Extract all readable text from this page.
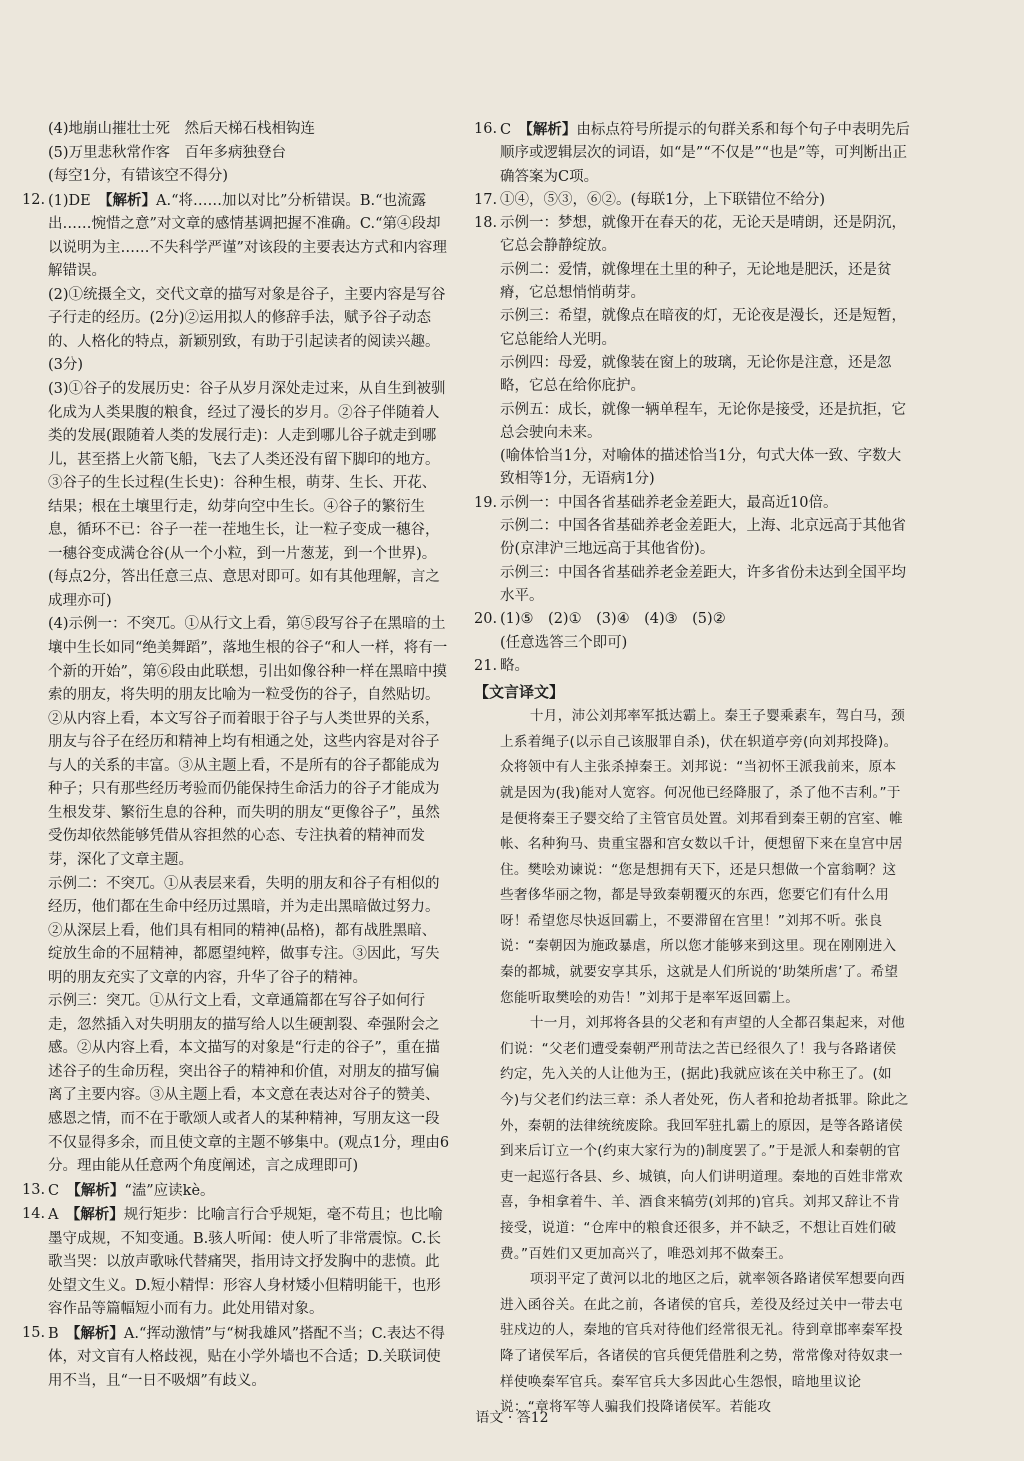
(4)地崩山摧壮士死　然后天梯石栈相钩连

(5)万里悲秋常作客　百年多病独登台

(每空1分，有错该空不得分)

12. (1)DE　【解析】A.“将……加以对比”分析错误。B.“也流露出……惋惜之意”对文章的感情基调把握不准确。C.“第④段却以说明为主……不失科学严谨”对该段的主要表达方式和内容理解错误。

(2)①统摄全文，交代文章的描写对象是谷子，主要内容是写谷子行走的经历。(2分)②运用拟人的修辞手法，赋予谷子动态的、人格化的特点，新颖别致，有助于引起读者的阅读兴趣。(3分)

(3)①谷子的发展历史：谷子从岁月深处走过来，从自生到被驯化成为人类果腹的粮食，经过了漫长的岁月。②谷子伴随着人类的发展(跟随着人类的发展行走)：人走到哪儿谷子就走到哪儿，甚至搭上火箭飞船，飞去了人类还没有留下脚印的地方。③谷子的生长过程(生长史)：谷种生根，萌芽、生长、开花、结果；根在土壤里行走，幼芽向空中生长。④谷子的繁衍生息，循环不已：谷子一茬一茬地生长，让一粒子变成一穗谷，一穗谷变成满仓谷(从一个小粒，到一片葱茏，到一个世界)。(每点2分，答出任意三点、意思对即可。如有其他理解，言之成理亦可)

(4)示例一：不突兀。①从行文上看，第⑤段写谷子在黑暗的土壤中生长如同“绝美舞蹈”，落地生根的谷子“和人一样，将有一个新的开始”，第⑥段由此联想，引出如像谷种一样在黑暗中摸索的朋友，将失明的朋友比喻为一粒受伤的谷子，自然贴切。②从内容上看，本文写谷子而着眼于谷子与人类世界的关系，朋友与谷子在经历和精神上均有相通之处，这些内容是对谷子与人的关系的丰富。③从主题上看，不是所有的谷子都能成为种子；只有那些经历考验而仍能保持生命活力的谷子才能成为生根发芽、繁衍生息的谷种，而失明的朋友“更像谷子”，虽然受伤却依然能够凭借从容担然的心态、专注执着的精神而发芽，深化了文章主题。

示例二：不突兀。①从表层来看，失明的朋友和谷子有相似的经历，他们都在生命中经历过黑暗，并为走出黑暗做过努力。②从深层上看，他们具有相同的精神(品格)，都有战胜黑暗、绽放生命的不屈精神，都愿望纯粹，做事专注。③因此，写失明的朋友充实了文章的内容，升华了谷子的精神。

示例三：突兀。①从行文上看，文章通篇都在写谷子如何行走，忽然插入对失明朋友的描写给人以生硬割裂、牵强附会之感。②从内容上看，本文描写的对象是“行走的谷子”，重在描述谷子的生命历程，突出谷子的精神和价值，对朋友的描写偏离了主要内容。③从主题上看，本文意在表达对谷子的赞美、感恩之情，而不在于歌颂人或者人的某种精神，写朋友这一段不仅显得多余，而且使文章的主题不够集中。(观点1分，理由6分。理由能从任意两个角度阐述，言之成理即可)

13. C　【解析】“溘”应读kè。

14. A　【解析】规行矩步：比喻言行合乎规矩，毫不苟且；也比喻墨守成规，不知变通。B.骇人听闻：使人听了非常震惊。C.长歌当哭：以放声歌咏代替痛哭，指用诗文抒发胸中的悲愤。此处望文生义。D.短小精悍：形容人身材矮小但精明能干，也形容作品等篇幅短小而有力。此处用错对象。

15. B　【解析】A.“挥动激情”与“树我雄风”搭配不当；C.表达不得体，对文盲有人格歧视，贴在小学外墙也不合适；D.关联词使用不当，且“一日不吸烟”有歧义。

16. C　【解析】由标点符号所提示的句群关系和每个句子中表明先后顺序或逻辑层次的词语，如“是”“不仅是”“也是”等，可判断出正确答案为C项。

17. ①④，⑤③，⑥②。(每联1分，上下联错位不给分)

18. 示例一：梦想，就像开在春天的花，无论天是晴朗，还是阴沉，它总会静静绽放。

示例二：爱情，就像埋在土里的种子，无论地是肥沃，还是贫瘠，它总想悄悄萌芽。

示例三：希望，就像点在暗夜的灯，无论夜是漫长，还是短暂，它总能给人光明。

示例四：母爱，就像装在窗上的玻璃，无论你是注意，还是忽略，它总在给你庇护。

示例五：成长，就像一辆单程车，无论你是接受，还是抗拒，它总会驶向未来。

(喻体恰当1分，对喻体的描述恰当1分，句式大体一致、字数大致相等1分，无语病1分)

19. 示例一：中国各省基础养老金差距大，最高近10倍。

示例二：中国各省基础养老金差距大，上海、北京远高于其他省份(京津沪三地远高于其他省份)。

示例三：中国各省基础养老金差距大，许多省份未达到全国平均水平。

20. (1)⑤　(2)①　(3)④　(4)③　(5)②

(任意选答三个即可)

21. 略。

【文言译文】

十月，沛公刘邦率军抵达霸上。秦王子婴乘素车，驾白马，颈上系着绳子(以示自己该服罪自杀)，伏在轵道亭旁(向刘邦投降)。众将领中有人主张杀掉秦王。刘邦说：“当初怀王派我前来，原本就是因为(我)能对人宽容。何况他已经降服了，杀了他不吉利。”于是便将秦王子婴交给了主管官员处置。刘邦看到秦王朝的宫室、帷帐、名种狗马、贵重宝器和宫女数以千计，便想留下来在皇宫中居住。樊哙劝谏说：“您是想拥有天下，还是只想做一个富翁啊？这些奢侈华丽之物，都是导致秦朝覆灭的东西，您要它们有什么用呀！希望您尽快返回霸上，不要滞留在宫里！”刘邦不听。张良说：“秦朝因为施政暴虐，所以您才能够来到这里。现在刚刚进入秦的都城，就要安享其乐，这就是人们所说的‘助桀所虐’了。希望您能听取樊哙的劝告！”刘邦于是率军返回霸上。

十一月，刘邦将各县的父老和有声望的人全都召集起来，对他们说：“父老们遭受秦朝严刑苛法之苦已经很久了！我与各路诸侯约定，先入关的人让他为王，(据此)我就应该在关中称王了。(如今)与父老们约法三章：杀人者处死，伤人者和抢劫者抵罪。除此之外，秦朝的法律统统废除。我回军驻扎霸上的原因，是等各路诸侯到来后订立一个(约束大家行为的)制度罢了。”于是派人和秦朝的官吏一起巡行各县、乡、城镇，向人们讲明道理。秦地的百姓非常欢喜，争相拿着牛、羊、酒食来犒劳(刘邦的)官兵。刘邦又辞让不肯接受，说道：“仓库中的粮食还很多，并不缺乏，不想让百姓们破费。”百姓们又更加高兴了，唯恐刘邦不做秦王。

项羽平定了黄河以北的地区之后，就率领各路诸侯军想要向西进入函谷关。在此之前，各诸侯的官兵，差役及经过关中一带去屯驻戍边的人，秦地的官兵对待他们经常很无礼。待到章邯率秦军投降了诸侯军后，各诸侯的官兵便凭借胜利之势，常常像对待奴隶一样使唤秦军官兵。秦军官兵大多因此心生怨恨，暗地里议论说：“章将军等人骗我们投降诸侯军。若能攻

语文 · 答12
